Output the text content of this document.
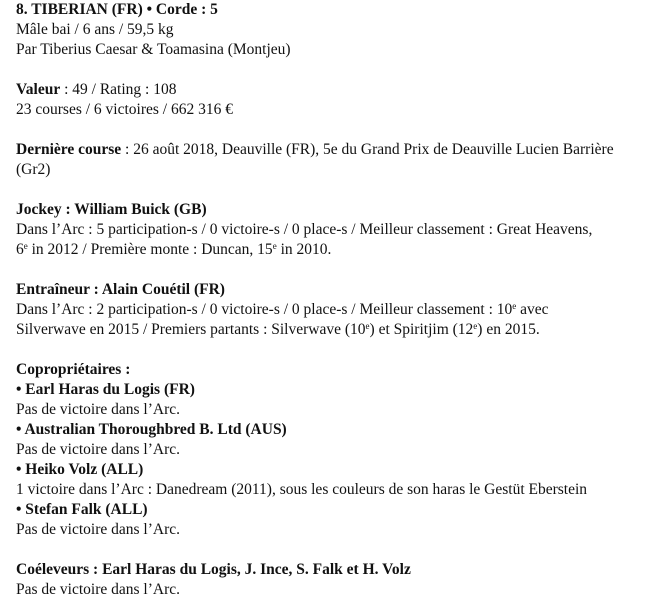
8. TIBERIAN (FR) • Corde : 5
Mâle bai / 6 ans / 59,5 kg
Par Tiberius Caesar & Toamasina (Montjeu)
Valeur : 49 / Rating : 108
23 courses / 6 victoires / 662 316 €
Dernière course : 26 août 2018, Deauville (FR), 5e du Grand Prix de Deauville Lucien Barrière (Gr2)
Jockey : William Buick (GB)
Dans l’Arc : 5 participation-s / 0 victoire-s / 0 place-s / Meilleur classement : Great Heavens,
6e in 2012 / Première monte : Duncan, 15e in 2010.
Entraîneur : Alain Couétil (FR)
Dans l’Arc : 2 participation-s / 0 victoire-s / 0 place-s / Meilleur classement : 10e avec
Silverwave en 2015 / Premiers partants : Silverwave (10e) et Spiritjim (12e) en 2015.
Copropriétaires :
• Earl Haras du Logis (FR)
Pas de victoire dans l’Arc.
• Australian Thoroughbred B. Ltd (AUS)
Pas de victoire dans l’Arc.
• Heiko Volz (ALL)
1 victoire dans l’Arc : Danedream (2011), sous les couleurs de son haras le Gestüt Eberstein
• Stefan Falk (ALL)
Pas de victoire dans l’Arc.
Coéleveurs : Earl Haras du Logis, J. Ince, S. Falk et H. Volz
Pas de victoire dans l’Arc.
